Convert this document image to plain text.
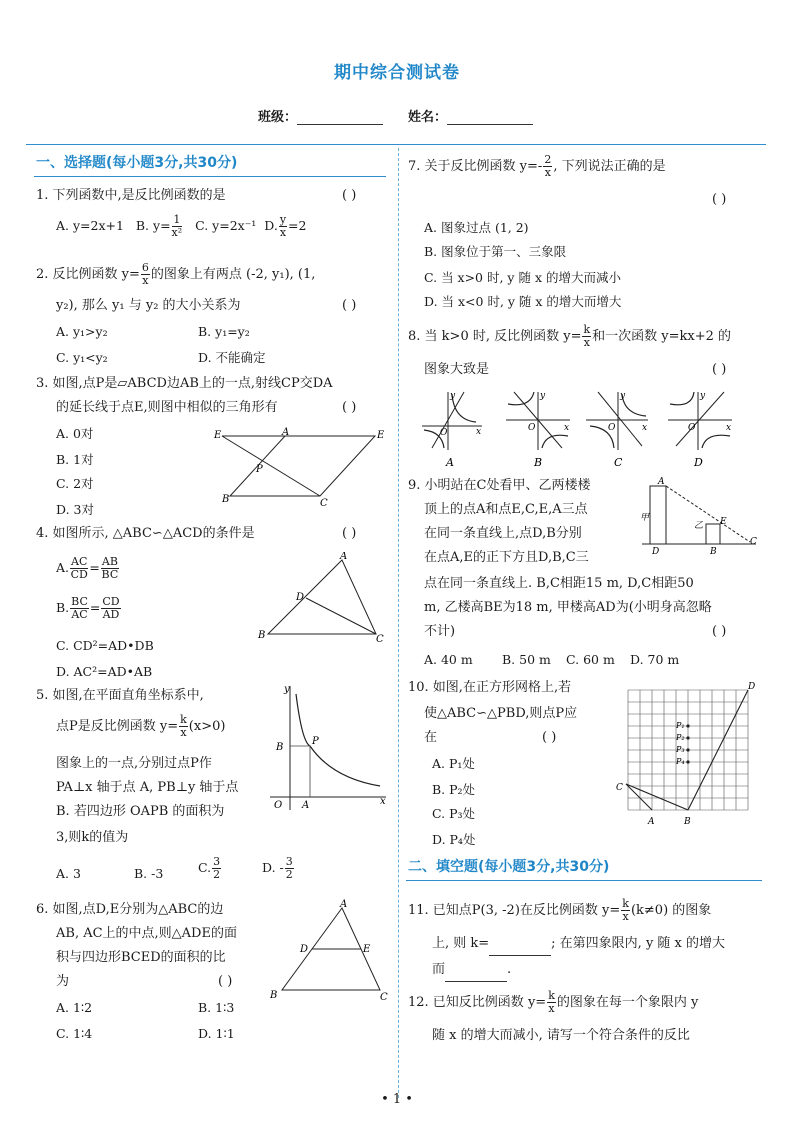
期中综合测试卷
班级：	姓名：
一、选择题(每小题3分,共30分)
1. 下列函数中,是反比例函数的是	( )
A. y=2x+1 B. $y= \frac{1}{\text{x²}} C$. y=2x⁻¹ D. $\frac{y}{x} =2$
2. 反比例函数 $y= \frac{6}{x}$ 的图象上有两点 (-2, y₁), (1,
y₂), 那么 y₁ 与 y₂ 的大小关系为	( )
A. y₁>y₂	B. y₁=y₂
C. y₁<y₂	D. 不能确定
3. 如图,点P是▱ABCD边AB上的一点,射线CP交DA
的延长线于点E,则图中相似的三角形有	( )
A. 0对
B. 1对
C. 2对
D. 3对
E	A	E
P
B	C
4. 如图所示, △ABC∽△ACD的条件是	( )
A. $\frac{AC}{CD} = \frac{AB}{BC}$
B. $\frac{BC}{AC} = \frac{CD}{AD}$
C. CD²=AD•DB
D. AC²=AD•AB
A
D
B	C
5. 如图,在平面直角坐标系中,
点P是反比例函数 $y= \frac{k}{x} (x>0)$
图象上的一点,分别过点P作
PA⊥x 轴于点 A, PB⊥y 轴于点
B. 若四边形 OAPB 的面积为
3,则k的值为
A. 3	B. -3	C. $\frac{3}{2}$	D. - $\frac{3}{2}$
y
B
P
O A	x
6. 如图,点D,E分别为△ABC的边
AB, AC上的中点,则△ADE的面
积与四边形BCED的面积的比
为	( )
A. 1∶2	B. 1∶3
C. 1∶4	D. 1∶1
A
D	E
B	C
7. 关于反比例函数 $y=- \frac{2}{x}$ , 下列说法正确的是
( )
A. 图象过点 (1, 2)
B. 图象位于第一、三象限
C. 当 x>0 时, y 随 x 的增大而减小
D. 当 x<0 时, y 随 x 的增大而增大
8. 当 k>0 时, 反比例函数 $y= \frac{k}{x}$ 和一次函数 y=kx+2 的
图象大致是	( )
y
O	x
A
y
O	x
B
y
O	x
C
y
O	x
D
9. 小明站在C处看甲、乙两楼楼
顶上的点A和点E,C,E,A三点
在同一条直线上,点D,B分别
在点A,E的正下方且D,B,C三
点在同一条直线上. B,C相距15 m, D,C相距50
m, 乙楼高BE为18 m, 甲楼高AD为(小明身高忽略
不计)	( )
A. 40 m B. 50 m C. 60 m D. 70 m
A
甲
乙 E
D	B
C
10. 如图,在正方形网格上,若
使△ABC∽△PBD,则点P应
在	( )
A. P₁处
B. P₂处
C. P₃处
D. P₄处
D
P₁
P₂
P₃
P₄
C
A	B
二、填空题(每小题3分,共30分)
11. 已知点P(3, -2)在反比例函数 $y= \frac{k}{x} (k\ne 0)$ 的图象
上, 则 k=	; 在第四象限内, y 随 x 的增大
而	.
12. 已知反比例函数 $y= \frac{k}{x}$ 的图象在每一个象限内 y
随 x 的增大而减小, 请写一个符合条件的反比
• 1 •
